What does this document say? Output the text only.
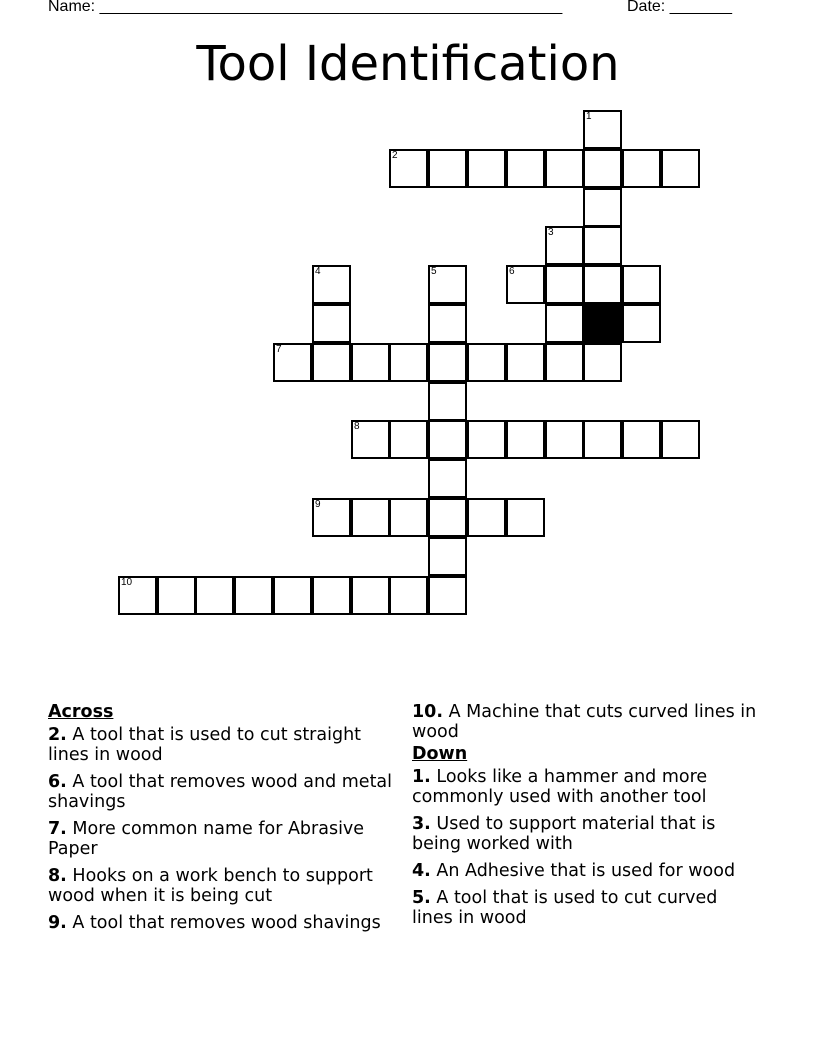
Name: ____________________________________________________

	Date: _______

Tool Identification
1
2
3
4	5	6
7
8
9
10
Across
2. A tool that is used to cut straight lines in wood
6. A tool that removes wood and metal shavings
7. More common name for Abrasive Paper
8. Hooks on a work bench to support wood when it is being cut
9. A tool that removes wood shavings
10. A Machine that cuts curved lines in wood
Down
1. Looks like a hammer and more commonly used with another tool
3. Used to support material that is being worked with
4. An Adhesive that is used for wood
5. A tool that is used to cut curved lines in wood
